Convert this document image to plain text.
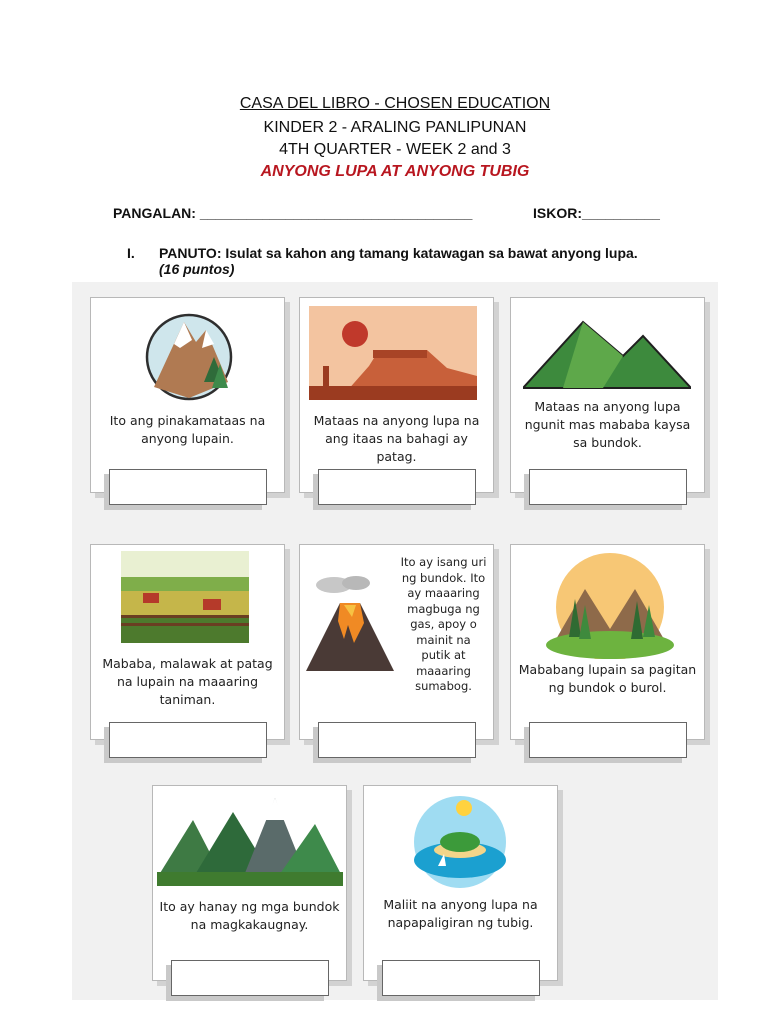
CASA DEL LIBRO - CHOSEN EDUCATION
KINDER 2 - ARALING PANLIPUNAN
4TH QUARTER - WEEK 2 and 3
ANYONG LUPA AT ANYONG TUBIG
PANGALAN: ___________________________________	ISKOR:__________
I. PANUTO: Isulat sa kahon ang tamang katawagan sa bawat anyong lupa.
(16 puntos)
Ito ang pinakamataas na anyong lupain.
Mataas na anyong lupa na ang itaas na bahagi ay patag.
Mataas na anyong lupa ngunit mas mababa kaysa sa bundok.
Mababa, malawak at patag na lupain na maaaring taniman.
Ito ay isang uri ng bundok. Ito ay maaaring magbuga ng gas, apoy o mainit na putik at maaaring sumabog.
Mababang lupain sa pagitan ng bundok o burol.
Ito ay hanay ng mga bundok na magkakaugnay.
Maliit na anyong lupa na napapaligiran ng tubig.
